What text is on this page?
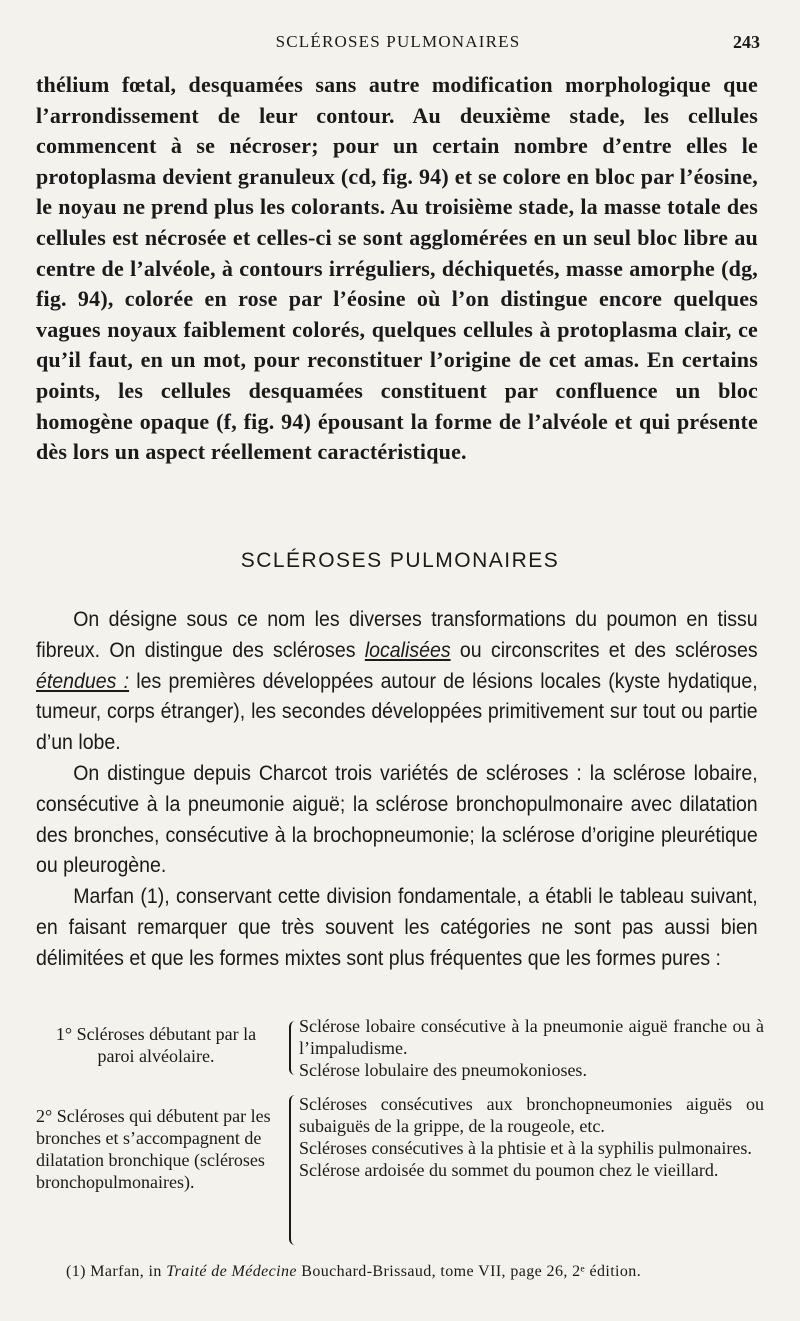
SCLÉROSES PULMONAIRES	243
thélium fœtal, desquamées sans autre modification morphologique que l’arrondissement de leur contour. Au deuxième stade, les cellules commencent à se nécroser; pour un certain nombre d’entre elles le protoplasma devient granuleux (cd, fig. 94) et se colore en bloc par l’éosine, le noyau ne prend plus les colorants. Au troisième stade, la masse totale des cellules est nécrosée et celles-ci se sont agglomérées en un seul bloc libre au centre de l’alvéole, à contours irréguliers, déchiquetés, masse amorphe (dg, fig. 94), colorée en rose par l’éosine où l’on distingue encore quelques vagues noyaux faiblement colorés, quelques cellules à protoplasma clair, ce qu’il faut, en un mot, pour reconstituer l’origine de cet amas. En certains points, les cellules desquamées constituent par confluence un bloc homogène opaque (f, fig. 94) épousant la forme de l’alvéole et qui présente dès lors un aspect réellement caractéristique.
SCLÉROSES PULMONAIRES

On désigne sous ce nom les diverses transformations du poumon en tissu fibreux. On distingue des scléroses localisées ou circonscrites et des scléroses étendues : les premières développées autour de lésions locales (kyste hydatique, tumeur, corps étranger), les secondes développées primitivement sur tout ou partie d’un lobe.

On distingue depuis Charcot trois variétés de scléroses : la sclérose lobaire, consécutive à la pneumonie aiguë; la sclérose bronchopulmonaire avec dilatation des bronches, consécutive à la brochopneumonie; la sclérose d’origine pleurétique ou pleurogène.

Marfan (1), conservant cette division fondamentale, a établi le tableau suivant, en faisant remarquer que très souvent les catégories ne sont pas aussi bien délimitées et que les formes mixtes sont plus fréquentes que les formes pures :

1° Scléroses débutant par la paroi alvéolaire.
Sclérose lobaire consécutive à la pneumonie aiguë franche ou à l’impaludisme.
Sclérose lobulaire des pneumokonioses.
2° Scléroses qui débutent par les bronches et s’accompagnent de dilatation bronchique (scléroses bronchopulmonaires).
Scléroses consécutives aux bronchopneumonies aiguës ou subaiguës de la grippe, de la rougeole, etc.
Scléroses consécutives à la phtisie et à la syphilis pulmonaires.
Sclérose ardoisée du sommet du poumon chez le vieillard.
(1) Marfan, in Traité de Médecine Bouchard-Brissaud, tome VII, page 26, 2ᵉ édition.
